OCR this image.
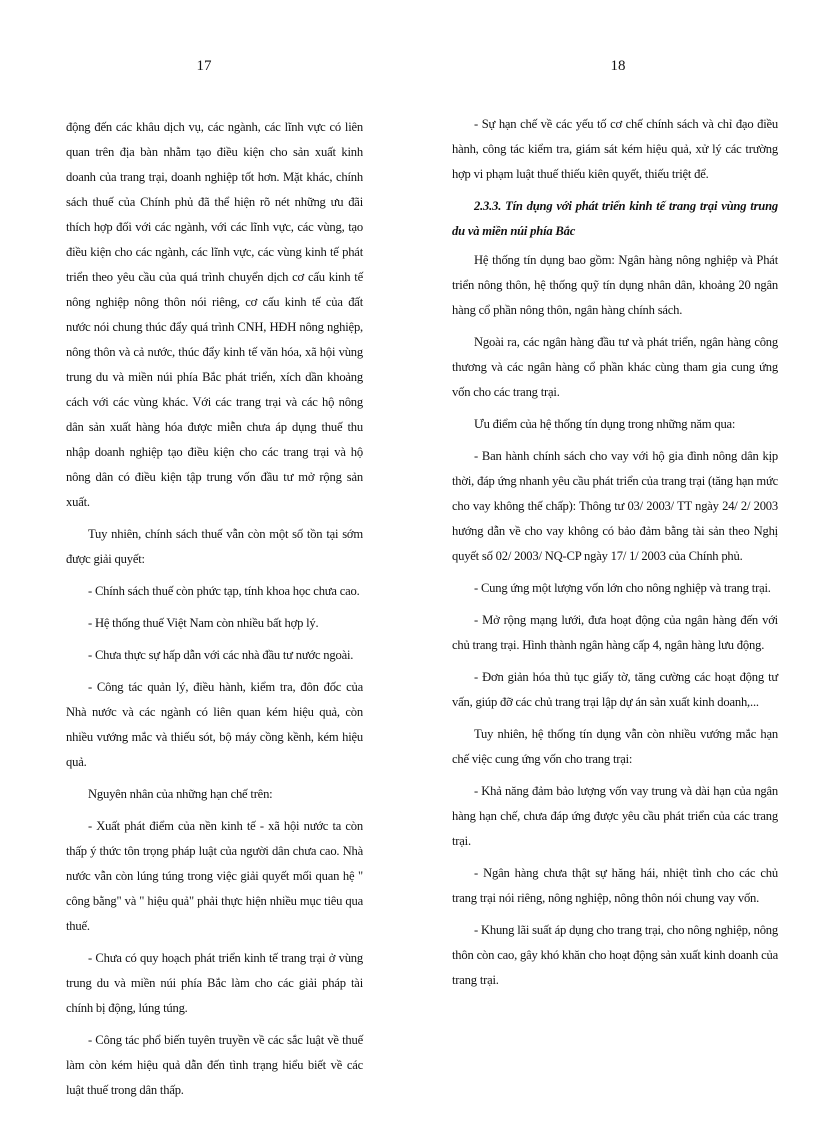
17

động đến các khâu dịch vụ, các ngành, các lĩnh vực có liên quan trên địa bàn nhằm tạo điều kiện cho sản xuất kinh doanh của trang trại, doanh nghiệp tốt hơn. Mặt khác, chính sách thuế của Chính phủ đã thể hiện rõ nét những ưu đãi thích hợp đối với các ngành, với các lĩnh vực, các vùng, tạo điều kiện cho các ngành, các lĩnh vực, các vùng kinh tế phát triển theo yêu cầu của quá trình chuyển dịch cơ cấu kinh tế nông nghiệp nông thôn nói riêng, cơ cấu kinh tế của đất nước nói chung thúc đẩy quá trình CNH, HĐH nông nghiệp, nông thôn và cả nước, thúc đẩy kinh tế văn hóa, xã hội vùng trung du và miền núi phía Bắc phát triển, xích dần khoảng cách với các vùng khác. Với các trang trại và các hộ nông dân sản xuất hàng hóa được miễn chưa áp dụng thuế thu nhập doanh nghiệp tạo điều kiện cho các trang trại và hộ nông dân có điều kiện tập trung vốn đầu tư mở rộng sản xuất.

Tuy nhiên, chính sách thuế vẫn còn một số tồn tại sớm được giải quyết:

- Chính sách thuế còn phức tạp, tính khoa học chưa cao.

- Hệ thống thuế Việt Nam còn nhiều bất hợp lý.

- Chưa thực sự hấp dẫn với các nhà đầu tư nước ngoài.

- Công tác quản lý, điều hành, kiểm tra, đôn đốc của Nhà nước và các ngành có liên quan kém hiệu quả, còn nhiều vướng mắc và thiếu sót, bộ máy cồng kềnh, kém hiệu quả.

Nguyên nhân của những hạn chế trên:

- Xuất phát điểm của nền kinh tế - xã hội nước ta còn thấp ý thức tôn trọng pháp luật của người dân chưa cao. Nhà nước vẫn còn lúng túng trong việc giải quyết mối quan hệ " công bằng" và " hiệu quả" phải thực hiện nhiều mục tiêu qua thuế.

- Chưa có quy hoạch phát triển kinh tế trang trại ở vùng trung du và miền núi phía Bắc làm cho các giải pháp tài chính bị động, lúng túng.

- Công tác phổ biến tuyên truyền về các sắc luật về thuế làm còn kém hiệu quả dẫn đến tình trạng hiểu biết về các luật thuế trong dân thấp.

18

- Sự hạn chế về các yếu tố cơ chế chính sách và chỉ đạo điều hành, công tác kiểm tra, giám sát kém hiệu quả, xử lý các trường hợp vi phạm luật thuế thiếu kiên quyết, thiếu triệt để.

2.3.3. Tín dụng với phát triển kinh tế trang trại vùng trung du và miền núi phía Bắc

Hệ thống tín dụng bao gồm: Ngân hàng nông nghiệp và Phát triển nông thôn, hệ thống quỹ tín dụng nhân dân, khoảng 20 ngân hàng cổ phần nông thôn, ngân hàng chính sách.

Ngoài ra, các ngân hàng đầu tư và phát triển, ngân hàng công thương và các ngân hàng cổ phần khác cùng tham gia cung ứng vốn cho các trang trại.

Ưu điểm của hệ thống tín dụng trong những năm qua:

- Ban hành chính sách cho vay với hộ gia đình nông dân kịp thời, đáp ứng nhanh yêu cầu phát triển của trang trại (tăng hạn mức cho vay không thế chấp): Thông tư 03/ 2003/ TT ngày 24/ 2/ 2003 hướng dẫn về cho vay không có bảo đảm bằng tài sản theo Nghị quyết số 02/ 2003/ NQ-CP ngày 17/ 1/ 2003 của Chính phủ.

- Cung ứng một lượng vốn lớn cho nông nghiệp và trang trại.

- Mở rộng mạng lưới, đưa hoạt động của ngân hàng đến với chủ trang trại. Hình thành ngân hàng cấp 4, ngân hàng lưu động.

- Đơn giản hóa thủ tục giấy tờ, tăng cường các hoạt động tư vấn, giúp đỡ các chủ trang trại lập dự án sản xuất kinh doanh,...

Tuy nhiên, hệ thống tín dụng vẫn còn nhiều vướng mắc hạn chế việc cung ứng vốn cho trang trại:

- Khả năng đảm bảo lượng vốn vay trung và dài hạn của ngân hàng hạn chế, chưa đáp ứng được yêu cầu phát triển của các trang trại.

- Ngân hàng chưa thật sự hăng hái, nhiệt tình cho các chủ trang trại nói riêng, nông nghiệp, nông thôn nói chung vay vốn.

- Khung lãi suất áp dụng cho trang trại, cho nông nghiệp, nông thôn còn cao, gây khó khăn cho hoạt động sản xuất kinh doanh của trang trại.
